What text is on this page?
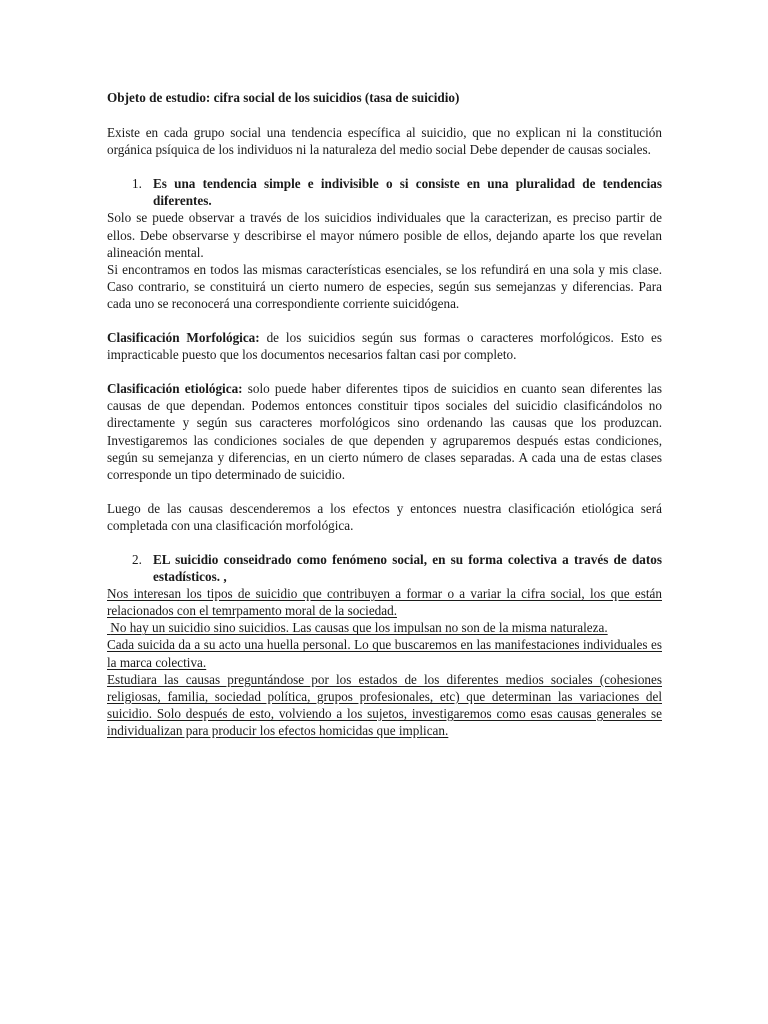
Objeto de estudio: cifra social de los suicidios (tasa de suicidio)

Existe en cada grupo social una tendencia específica al suicidio, que no explican ni la constitución orgánica psíquica de los individuos ni la naturaleza del medio social Debe depender de causas sociales.

1. Es una tendencia simple e indivisible o si consiste en una pluralidad de tendencias diferentes.

Solo se puede observar a través de los suicidios individuales que la caracterizan, es preciso partir de ellos. Debe observarse y describirse el mayor número posible de ellos, dejando aparte los que revelan alineación mental.

Si encontramos en todos las mismas características esenciales, se los refundirá en una sola y mis clase. Caso contrario, se constituirá un cierto numero de especies, según sus semejanzas y diferencias. Para cada uno se reconocerá una correspondiente corriente suicidógena.

Clasificación Morfológica: de los suicidios según sus formas o caracteres morfológicos. Esto es impracticable puesto que los documentos necesarios faltan casi por completo.

Clasificación etiológica: solo puede haber diferentes tipos de suicidios en cuanto sean diferentes las causas de que dependan. Podemos entonces constituir tipos sociales del suicidio clasificándolos no directamente y según sus caracteres morfológicos sino ordenando las causas que los produzcan. Investigaremos las condiciones sociales de que dependen y agruparemos después estas condiciones, según su semejanza y diferencias, en un cierto número de clases separadas. A cada una de estas clases corresponde un tipo determinado de suicidio.

Luego de las causas descenderemos a los efectos y entonces nuestra clasificación etiológica será completada con una clasificación morfológica.

2. EL suicidio conseidrado como fenómeno social, en su forma colectiva a través de datos estadísticos. ,

Nos interesan los tipos de suicidio que contribuyen a formar o a variar la cifra social, los que están relacionados con el temrpamento moral de la sociedad.

No hay un suicidio sino suicidios. Las causas que los impulsan no son de la misma naturaleza.

Cada suicida da a su acto una huella personal. Lo que buscaremos en las manifestaciones individuales es la marca colectiva.

Estudiara las causas preguntándose por los estados de los diferentes medios sociales (cohesiones religiosas, familia, sociedad política, grupos profesionales, etc) que determinan las variaciones del suicidio. Solo después de esto, volviendo a los sujetos, investigaremos como esas causas generales se individualizan para producir los efectos homicidas que implican.
